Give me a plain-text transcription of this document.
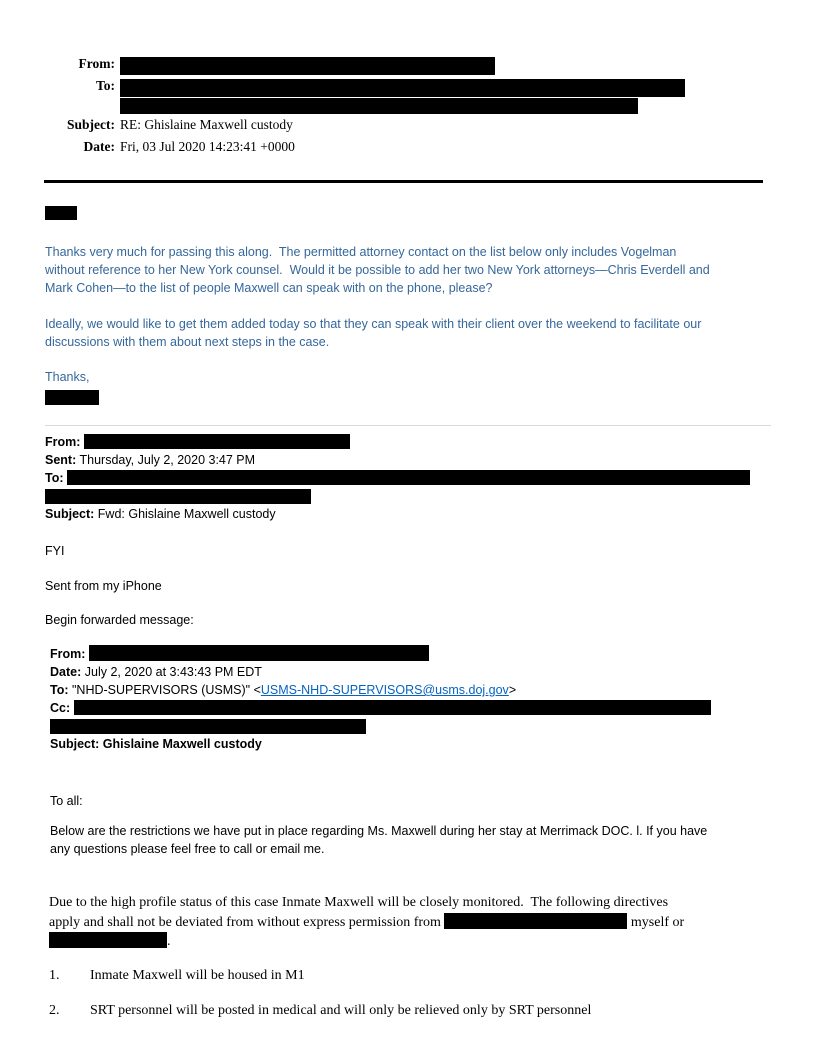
From:
To:
Subject: RE: Ghislaine Maxwell custody
Date: Fri, 03 Jul 2020 14:23:41 +0000
Thanks very much for passing this along.  The permitted attorney contact on the list below only includes Vogelman
without reference to her New York counsel.  Would it be possible to add her two New York attorneys—Chris Everdell and
Mark Cohen—to the list of people Maxwell can speak with on the phone, please?
Ideally, we would like to get them added today so that they can speak with their client over the weekend to facilitate our
discussions with them about next steps in the case.
Thanks,
From:
Sent: Thursday, July 2, 2020 3:47 PM
To:
Subject: Fwd: Ghislaine Maxwell custody
FYI
Sent from my iPhone
Begin forwarded message:
From:
Date: July 2, 2020 at 3:43:43 PM EDT
To: "NHD-SUPERVISORS (USMS)" <USMS-NHD-SUPERVISORS@usms.doj.gov>
Cc:
Subject: Ghislaine Maxwell custody
To all:
Below are the restrictions we have put in place regarding Ms. Maxwell during her stay at Merrimack DOC. l. If you have
any questions please feel free to call or email me.
Due to the high profile status of this case Inmate Maxwell will be closely monitored.  The following directives
apply and shall not be deviated from without express permission from	myself or
.
1.	Inmate Maxwell will be housed in M1
2.	SRT personnel will be posted in medical and will only be relieved only by SRT personnel
